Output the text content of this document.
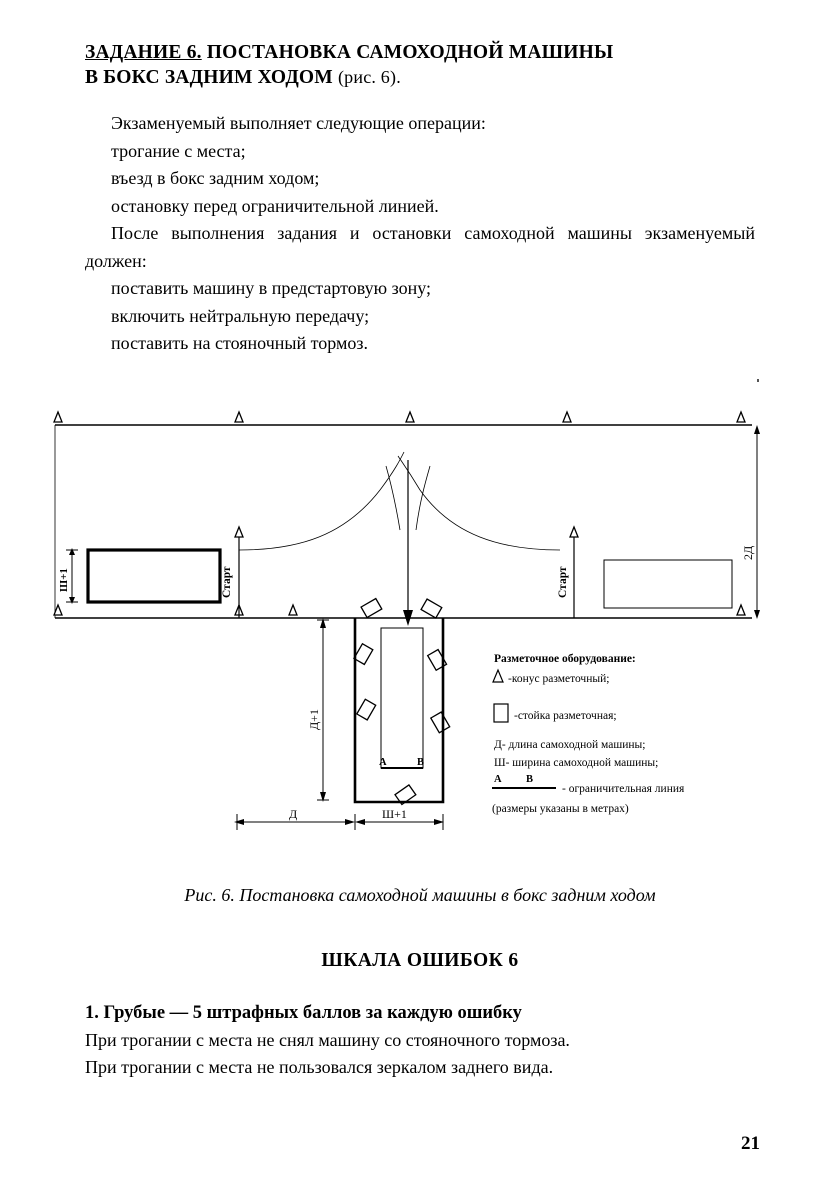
ЗАДАНИЕ 6. ПОСТАНОВКА САМОХОДНОЙ МАШИНЫ
В БОКС ЗАДНИМ ХОДОМ (рис. 6).

Экзаменуемый выполняет следующие операции:

трогание с места;

въезд в бокс задним ходом;

остановку перед ограничительной линией.

После выполнения задания и остановки самоходной машины экзаменуемый должен:

поставить машину в предстартовую зону;

включить нейтральную передачу;

поставить на стояночный тормоз.

Ш+1	Старт	Старт
2Д
А	В
Д+1
Д	Ш+1
Разметочное оборудование:
-конус разметочный;
-стойка разметочная;
Д- длина самоходной машины;
Ш- ширина самоходной машины;
А В
- ограничительная линия
(размеры указаны в метрах)
Рис. 6. Постановка самоходной машины в бокс задним ходом
ШКАЛА ОШИБОК 6

1. Грубые — 5 штрафных баллов за каждую ошибку

При трогании с места не снял машину со стояночного тормоза.

При трогании с места не пользовался зеркалом заднего вида.

21
